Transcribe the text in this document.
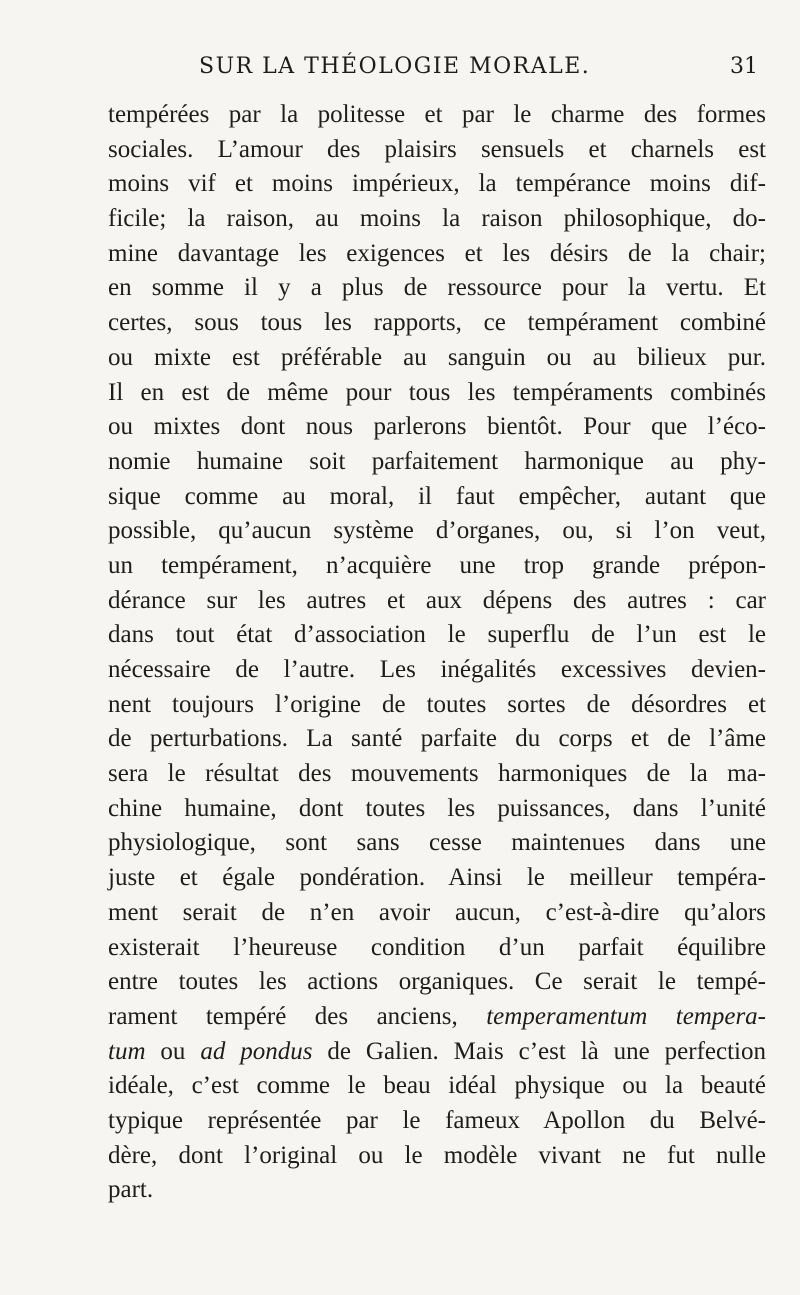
SUR LA THÉOLOGIE MORALE.	31
tempérées par la politesse et par le charme des formes
sociales. L’amour des plaisirs sensuels et charnels est
moins vif et moins impérieux, la tempérance moins dif-
ficile; la raison, au moins la raison philosophique, do-
mine davantage les exigences et les désirs de la chair;
en somme il y a plus de ressource pour la vertu. Et
certes, sous tous les rapports, ce tempérament combiné
ou mixte est préférable au sanguin ou au bilieux pur.
Il en est de même pour tous les tempéraments combinés
ou mixtes dont nous parlerons bientôt. Pour que l’éco-
nomie humaine soit parfaitement harmonique au phy-
sique comme au moral, il faut empêcher, autant que
possible, qu’aucun système d’organes, ou, si l’on veut,
un tempérament, n’acquière une trop grande prépon-
dérance sur les autres et aux dépens des autres : car
dans tout état d’association le superflu de l’un est le
nécessaire de l’autre. Les inégalités excessives devien-
nent toujours l’origine de toutes sortes de désordres et
de perturbations. La santé parfaite du corps et de l’âme
sera le résultat des mouvements harmoniques de la ma-
chine humaine, dont toutes les puissances, dans l’unité
physiologique, sont sans cesse maintenues dans une
juste et égale pondération. Ainsi le meilleur tempéra-
ment serait de n’en avoir aucun, c’est-à-dire qu’alors
existerait l’heureuse condition d’un parfait équilibre
entre toutes les actions organiques. Ce serait le tempé-
rament tempéré des anciens, temperamentum tempera-
tum ou ad pondus de Galien. Mais c’est là une perfection
idéale, c’est comme le beau idéal physique ou la beauté
typique représentée par le fameux Apollon du Belvé-
dère, dont l’original ou le modèle vivant ne fut nulle
part.
